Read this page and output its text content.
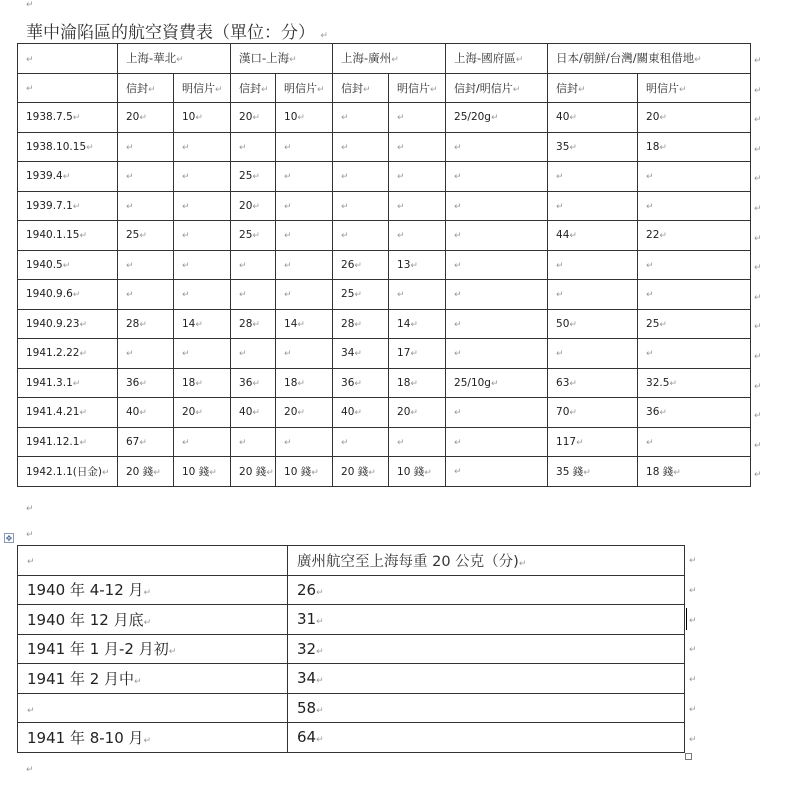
↵
華中淪陷區的航空資費表（單位：分） ↵
↵	上海-華北↵		漢口-上海↵		上海-廣州↵		上海-國府區↵	日本/朝鮮/台灣/關東租借地↵	
↵	信封↵	明信片↵	信封↵	明信片↵	信封↵	明信片↵	信封/明信片↵	信封↵	明信片↵
1938.7.5↵	20↵	10↵	20↵	10↵	↵	↵	25/20g↵	40↵	20↵
1938.10.15↵	↵	↵	↵	↵	↵	↵	↵	35↵	18↵
1939.4↵	↵	↵	25↵	↵	↵	↵	↵	↵	↵
1939.7.1↵	↵	↵	20↵	↵	↵	↵	↵	↵	↵
1940.1.15↵	25↵	↵	25↵	↵	↵	↵	↵	44↵	22↵
1940.5↵	↵	↵	↵	↵	26↵	13↵	↵	↵	↵
1940.9.6↵	↵	↵	↵	↵	25↵	↵	↵	↵	↵
1940.9.23↵	28↵	14↵	28↵	14↵	28↵	14↵	↵	50↵	25↵
1941.2.22↵	↵	↵	↵	↵	34↵	17↵	↵	↵	↵
1941.3.1↵	36↵	18↵	36↵	18↵	36↵	18↵	25/10g↵	63↵	32.5↵
1941.4.21↵	40↵	20↵	40↵	20↵	40↵	20↵	↵	70↵	36↵
1941.12.1↵	67↵	↵	↵	↵	↵	↵	↵	117↵	↵
1942.1.1(日金)↵	20 錢↵	10 錢↵	20 錢↵	10 錢↵	20 錢↵	10 錢↵	↵	35 錢↵	18 錢↵
↵
↵
✥
↵	廣州航空至上海每重 20 公克（分)↵
1940 年 4-12 月↵	26↵
1940 年 12 月底↵	31↵
1941 年 1 月-2 月初↵	32↵
1941 年 2 月中↵	34↵
↵	58↵
1941 年 8-10 月↵	64↵
↵
↵
↵
↵
↵
↵
↵
↵
↵
↵
↵
↵
↵
↵
↵
↵
↵
↵
↵
↵
↵
↵
↵
